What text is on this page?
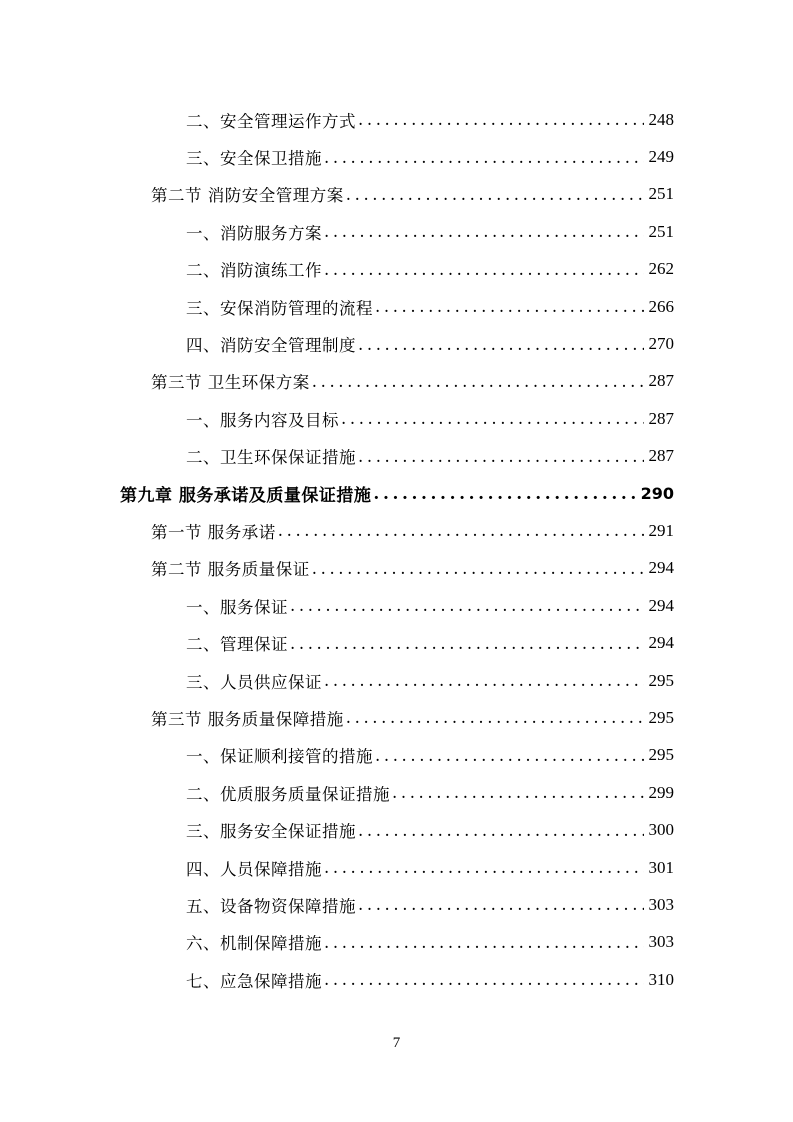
二、安全管理运作方式 .....	248
三、安全保卫措施 .....	249
第二节 消防安全管理方案 .....	251
一、消防服务方案 .....	251
二、消防演练工作 .....	262
三、安保消防管理的流程 .....	266
四、消防安全管理制度 .....	270
第三节 卫生环保方案 .....	287
一、服务内容及目标 .....	287
二、卫生环保保证措施 .....	287
第九章 服务承诺及质量保证措施 .....	290
第一节 服务承诺 .....	291
第二节 服务质量保证 .....	294
一、服务保证 .....	294
二、管理保证 .....	294
三、人员供应保证 .....	295
第三节 服务质量保障措施 .....	295
一、保证顺利接管的措施 .....	295
二、优质服务质量保证措施 .....	299
三、服务安全保证措施 .....	300
四、人员保障措施 .....	301
五、设备物资保障措施 .....	303
六、机制保障措施 .....	303
七、应急保障措施 .....	310
7
